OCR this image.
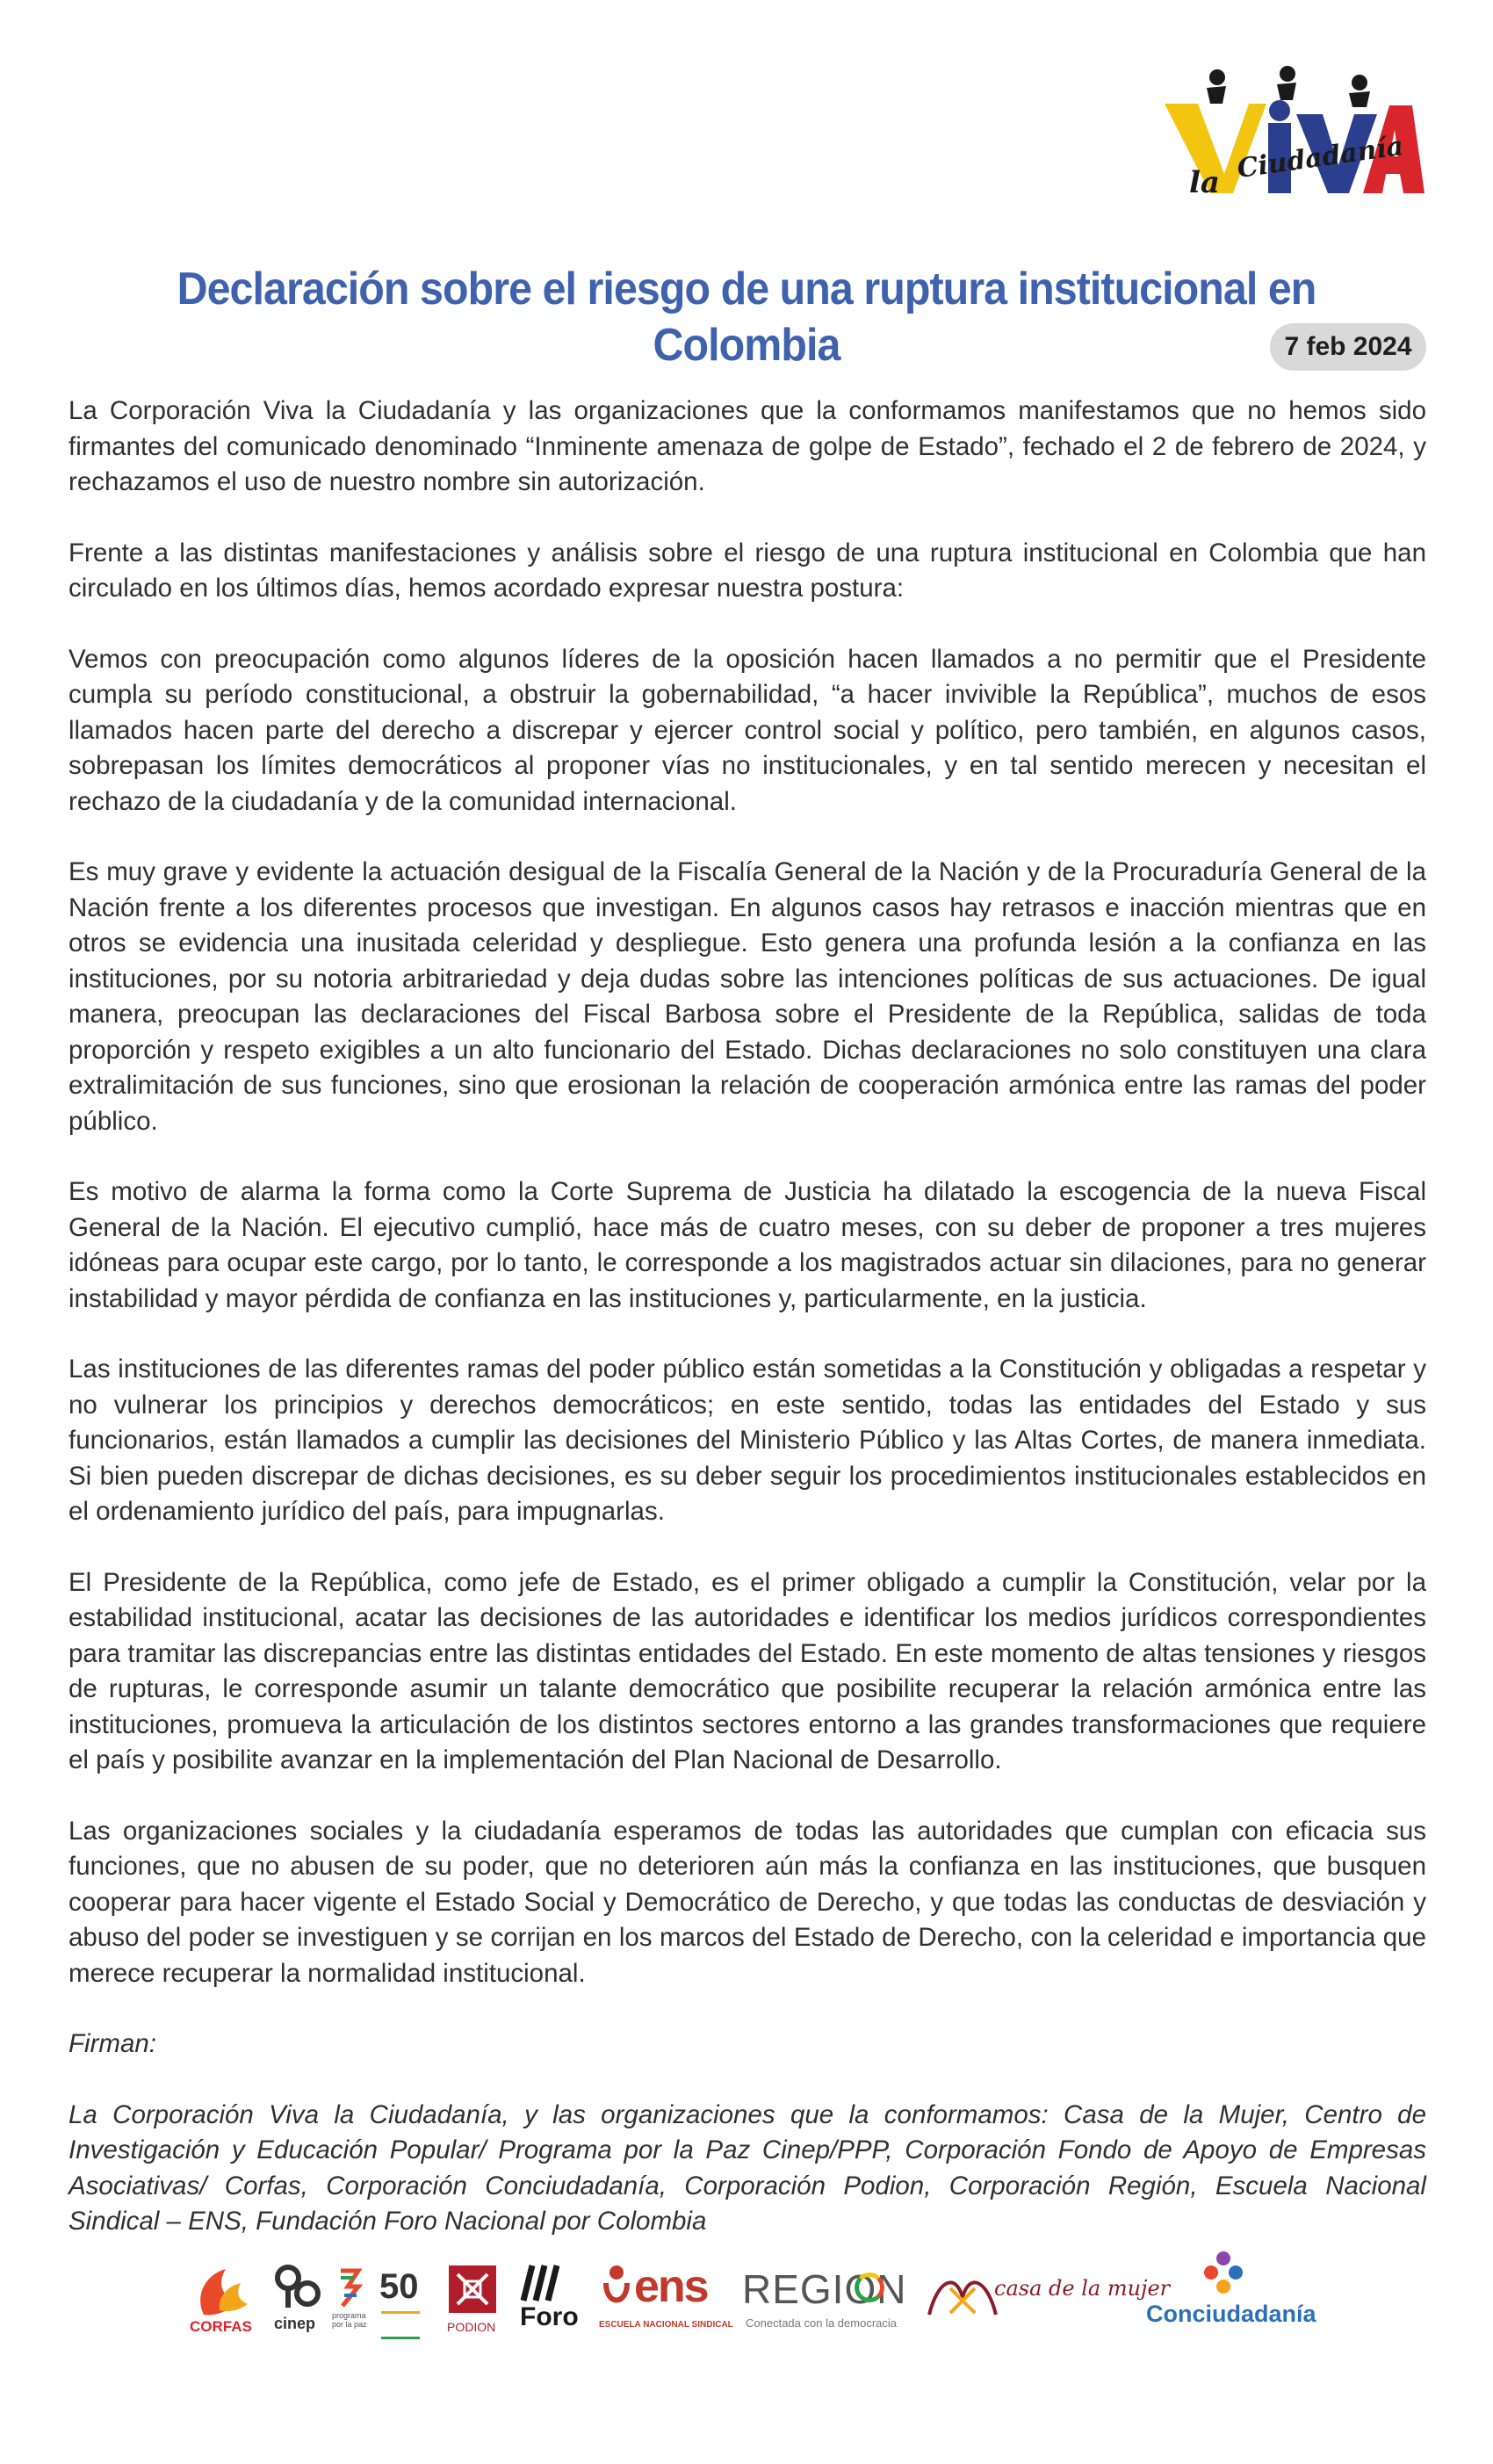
la Ciudadanía
Declaración sobre el riesgo de una ruptura institucional en Colombia	7 feb 2024

La Corporación Viva la Ciudadanía y las organizaciones que la conformamos manifestamos que no hemos sido firmantes del comunicado denominado “Inminente amenaza de golpe de Estado”, fechado el 2 de febrero de 2024, y rechazamos el uso de nuestro nombre sin autorización.

Frente a las distintas manifestaciones y análisis sobre el riesgo de una ruptura institucional en Colombia que han circulado en los últimos días, hemos acordado expresar nuestra postura:

Vemos con preocupación como algunos líderes de la oposición hacen llamados a no permitir que el Presidente cumpla su período constitucional, a obstruir la gobernabilidad, “a hacer invivible la República”, muchos de esos llamados hacen parte del derecho a discrepar y ejercer control social y político, pero también, en algunos casos, sobrepasan los límites democráticos al proponer vías no institucionales, y en tal sentido merecen y necesitan el rechazo de la ciudadanía y de la comunidad internacional.

Es muy grave y evidente la actuación desigual de la Fiscalía General de la Nación y de la Procuraduría General de la Nación frente a los diferentes procesos que investigan. En algunos casos hay retrasos e inacción mientras que en otros se evidencia una inusitada celeridad y despliegue. Esto genera una profunda lesión a la confianza en las instituciones, por su notoria arbitrariedad y deja dudas sobre las intenciones políticas de sus actuaciones. De igual manera, preocupan las declaraciones del Fiscal Barbosa sobre el Presidente de la República, salidas de toda proporción y respeto exigibles a un alto funcionario del Estado. Dichas declaraciones no solo constituyen una clara extralimitación de sus funciones, sino que erosionan la relación de cooperación armónica entre las ramas del poder público.

Es motivo de alarma la forma como la Corte Suprema de Justicia ha dilatado la escogencia de la nueva Fiscal General de la Nación. El ejecutivo cumplió, hace más de cuatro meses, con su deber de proponer a tres mujeres idóneas para ocupar este cargo, por lo tanto, le corresponde a los magistrados actuar sin dilaciones, para no generar instabilidad y mayor pérdida de confianza en las instituciones y, particularmente, en la justicia.

Las instituciones de las diferentes ramas del poder público están sometidas a la Constitución y obligadas a respetar y no vulnerar los principios y derechos democráticos; en este sentido, todas las entidades del Estado y sus funcionarios, están llamados a cumplir las decisiones del Ministerio Público y las Altas Cortes, de manera inmediata. Si bien pueden discrepar de dichas decisiones, es su deber seguir los procedimientos institucionales establecidos en el ordenamiento jurídico del país, para impugnarlas.

El Presidente de la República, como jefe de Estado, es el primer obligado a cumplir la Constitución, velar por la estabilidad institucional, acatar las decisiones de las autoridades e identificar los medios jurídicos correspondientes para tramitar las discrepancias entre las distintas entidades del Estado. En este momento de altas tensiones y riesgos de rupturas, le corresponde asumir un talante democrático que posibilite recuperar la relación armónica entre las instituciones, promueva la articulación de los distintos sectores entorno a las grandes transformaciones que requiere el país y posibilite avanzar en la implementación del Plan Nacional de Desarrollo.

Las organizaciones sociales y la ciudadanía esperamos de todas las autoridades que cumplan con eficacia sus funciones, que no abusen de su poder, que no deterioren aún más la confianza en las instituciones, que busquen cooperar para hacer vigente el Estado Social y Democrático de Derecho, y que todas las conductas de desviación y abuso del poder se investiguen y se corrijan en los marcos del Estado de Derecho, con la celeridad e importancia que merece recuperar la normalidad institucional.

Firman:

La Corporación Viva la Ciudadanía, y las organizaciones que la conformamos: Casa de la Mujer, Centro de Investigación y Educación Popular/ Programa por la Paz Cinep/PPP, Corporación Fondo de Apoyo de Empresas Asociativas/ Corfas, Corporación Conciudadanía, Corporación Podion, Corporación Región, Escuela Nacional Sindical – ENS, Fundación Foro Nacional por Colombia

CORFAS cinep programa por la paz
50
PODION Foro
ens
ESCUELA NACIONAL SINDICAL
REGION
Conectada con la democracia
casa de la mujer
Conciudadanía
